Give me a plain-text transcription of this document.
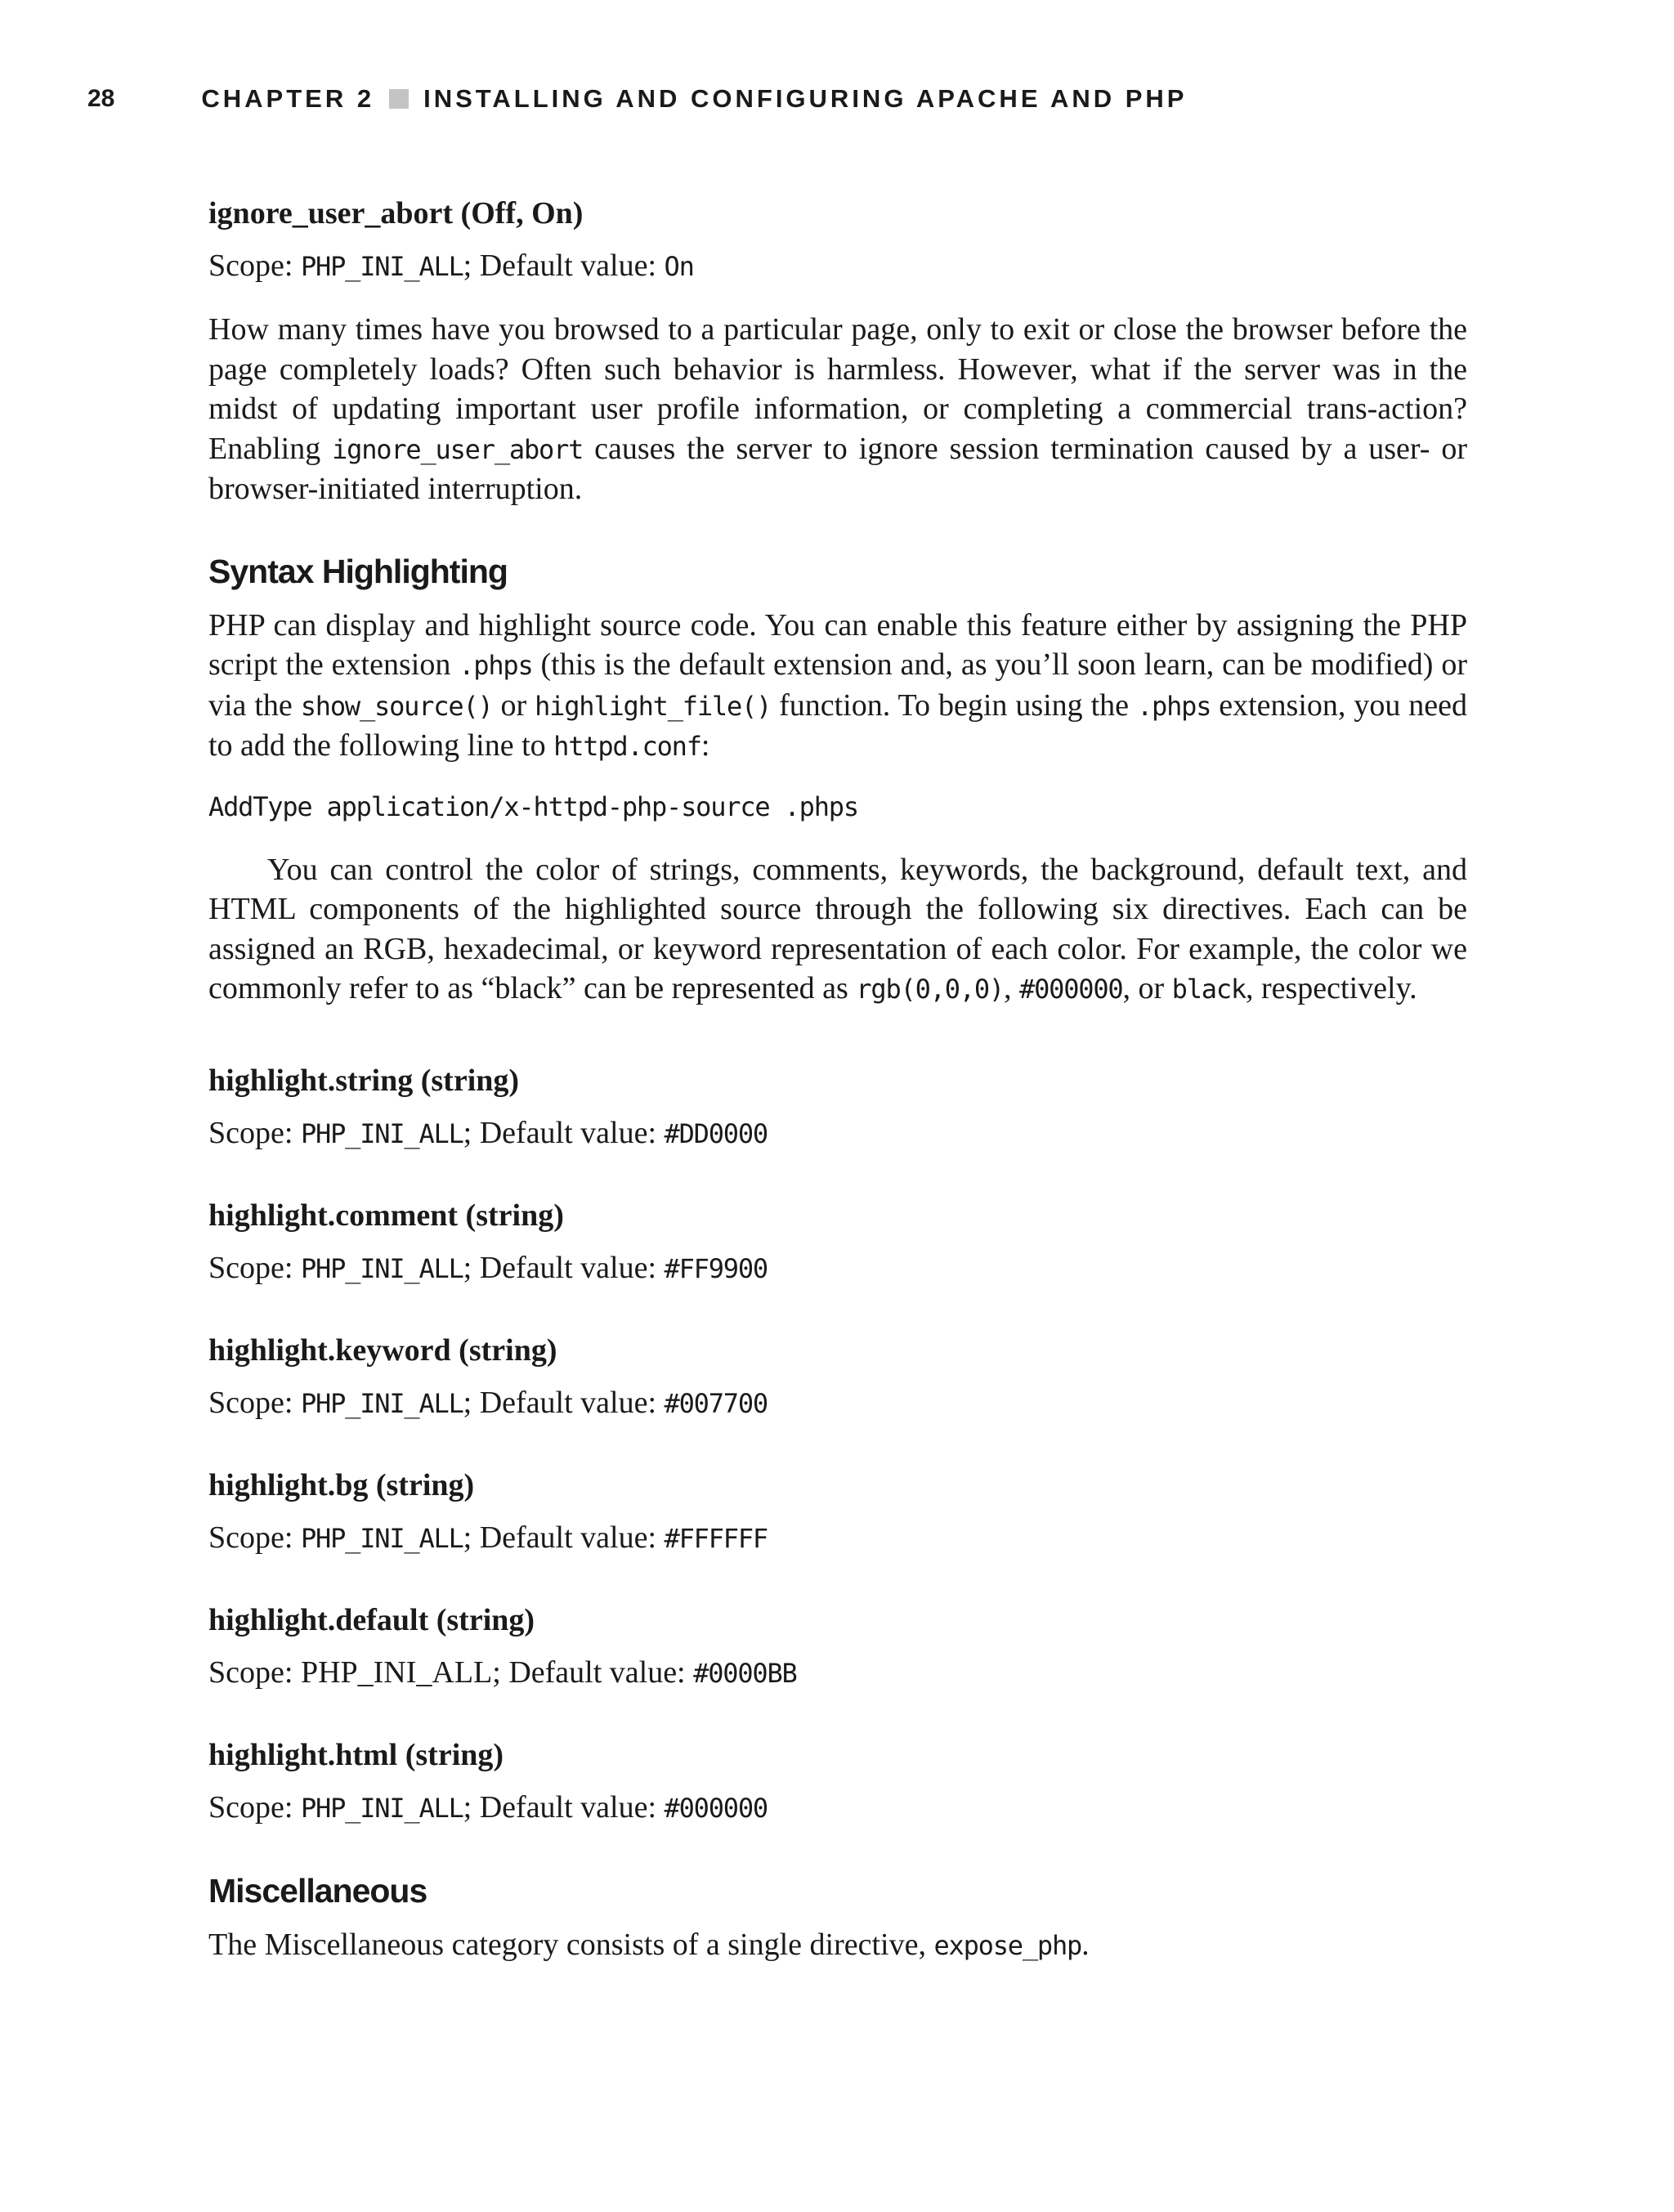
28	CHAPTER 2 INSTALLING AND CONFIGURING APACHE AND PHP

ignore_user_abort (Off, On)

Scope: PHP_INI_ALL; Default value: On

How many times have you browsed to a particular page, only to exit or close the browser before the page completely loads? Often such behavior is harmless. However, what if the server was in the midst of updating important user profile information, or completing a commercial trans-action? Enabling ignore_user_abort causes the server to ignore session termination caused by a user- or browser-initiated interruption.

Syntax Highlighting

PHP can display and highlight source code. You can enable this feature either by assigning the PHP script the extension .phps (this is the default extension and, as you’ll soon learn, can be modified) or via the show_source() or highlight_file() function. To begin using the .phps extension, you need to add the following line to httpd.conf:

AddType application/x-httpd-php-source .phps

You can control the color of strings, comments, keywords, the background, default text, and HTML components of the highlighted source through the following six directives. Each can be assigned an RGB, hexadecimal, or keyword representation of each color. For example, the color we commonly refer to as “black” can be represented as rgb(0,0,0), #000000, or black, respectively.

highlight.string (string)

Scope: PHP_INI_ALL; Default value: #DD0000

highlight.comment (string)

Scope: PHP_INI_ALL; Default value: #FF9900

highlight.keyword (string)

Scope: PHP_INI_ALL; Default value: #007700

highlight.bg (string)

Scope: PHP_INI_ALL; Default value: #FFFFFF

highlight.default (string)

Scope: PHP_INI_ALL; Default value: #0000BB

highlight.html (string)

Scope: PHP_INI_ALL; Default value: #000000

Miscellaneous

The Miscellaneous category consists of a single directive, expose_php.
